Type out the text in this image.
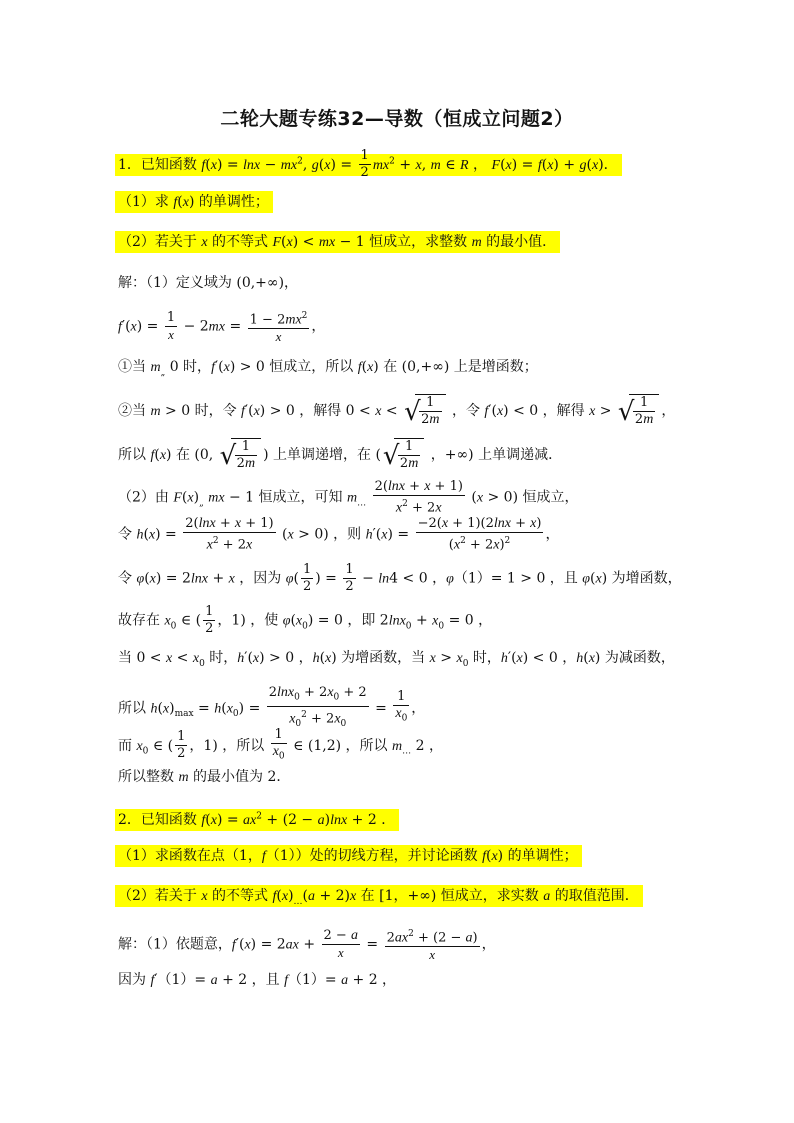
二轮大题专练32—导数（恒成立问题2）
1．已知函数 $f(x) = \ln x - mx^2$, $g(x) = \frac{1}{2} mx^2 + x$, m ∈ R ， F(x) = f(x) + g(x)．
（1）求 f(x) 的单调性；
（2）若关于 x 的不等式 F(x) < mx − 1 恒成立，求整数 m 的最小值．
解：（1）定义域为 (0,+∞)，
$f'(x) = \frac{1}{x} - 2mx = \frac{1 - 2mx^2}{x}$ ，
①当 $m_„$ 0 时，f′(x) > 0 恒成立，所以 f(x) 在 (0,+∞) 上是增函数；
②当 m > 0 时，令 f′(x) > 0 ，解得 0 < x < √
$\frac{1}{2m}$ ，令 f′(x) < 0 ，解得 x > √
$\frac{1}{2m}$ ，
所以 f(x) 在 (0, √
$\frac{1}{2m}$ ) 上单调递增，在 ( √
$\frac{1}{2m}$ ，+∞) 上单调递减．
（2）由 $F(x)_„$ mx − 1 恒成立，可知 $m_\dots \frac{2(\ln x + x + 1)}{x^2 + 2x} (x > 0)$ 恒成立，
令 $h(x) = \frac{2(\ln x + x + 1)}{x^2 + 2x} (x > 0)$ ，则 $h'(x) = \frac{-2(x + 1)(2\ln x + x)}{(x^2 + 2x)^2}$ ，
令 φ(x) = 2lnx + x ，因为 $\varphi( \frac{1}{2}$ ) = $\frac{1}{2} - \ln 4 < 0$ ，φ（1）= 1 > 0 ，且 φ(x) 为增函数，
故存在 $x_0$ ∈ ( $\frac{1}{2}$ ，1) ，使 $\varphi(x_0) = 0$ ，即 $2\ln x_0 + x_0 = 0$ ，
当 $0 < x < x_0$ 时，h′(x) > 0 ，h(x) 为增函数，当 $x > x_0$ 时，h′(x) < 0 ，h(x) 为减函数，
所以 $h(x)_{max} = h(x_0) = \frac{2\ln x_0 + 2x_0 + 2}{x_0^2 + 2x_0} = \frac{1}{x_0}$ ，
而 $x_0$ ∈ ( $\frac{1}{2}$ ，1) ，所以 $\frac{1}{x_0}$ ∈ (1,2) ，所以 $m_\dots$ 2 ，
所以整数 m 的最小值为 2．
2．已知函数 $f(x) = ax^2 + (2 - a)\ln x + 2$ ．
（1）求函数在点（1，f（1））处的切线方程，并讨论函数 f(x) 的单调性；
（2）若关于 x 的不等式 $f(x)_\dots(a + 2)x$ 在 [1，+∞) 恒成立，求实数 a 的取值范围．
解：（1）依题意，$f'(x) = 2ax + \frac{2 - a}{x} = \frac{2ax^2 + (2 - a)}{x}$ ，
因为 f′（1）= a + 2 ，且 f（1）= a + 2 ，
